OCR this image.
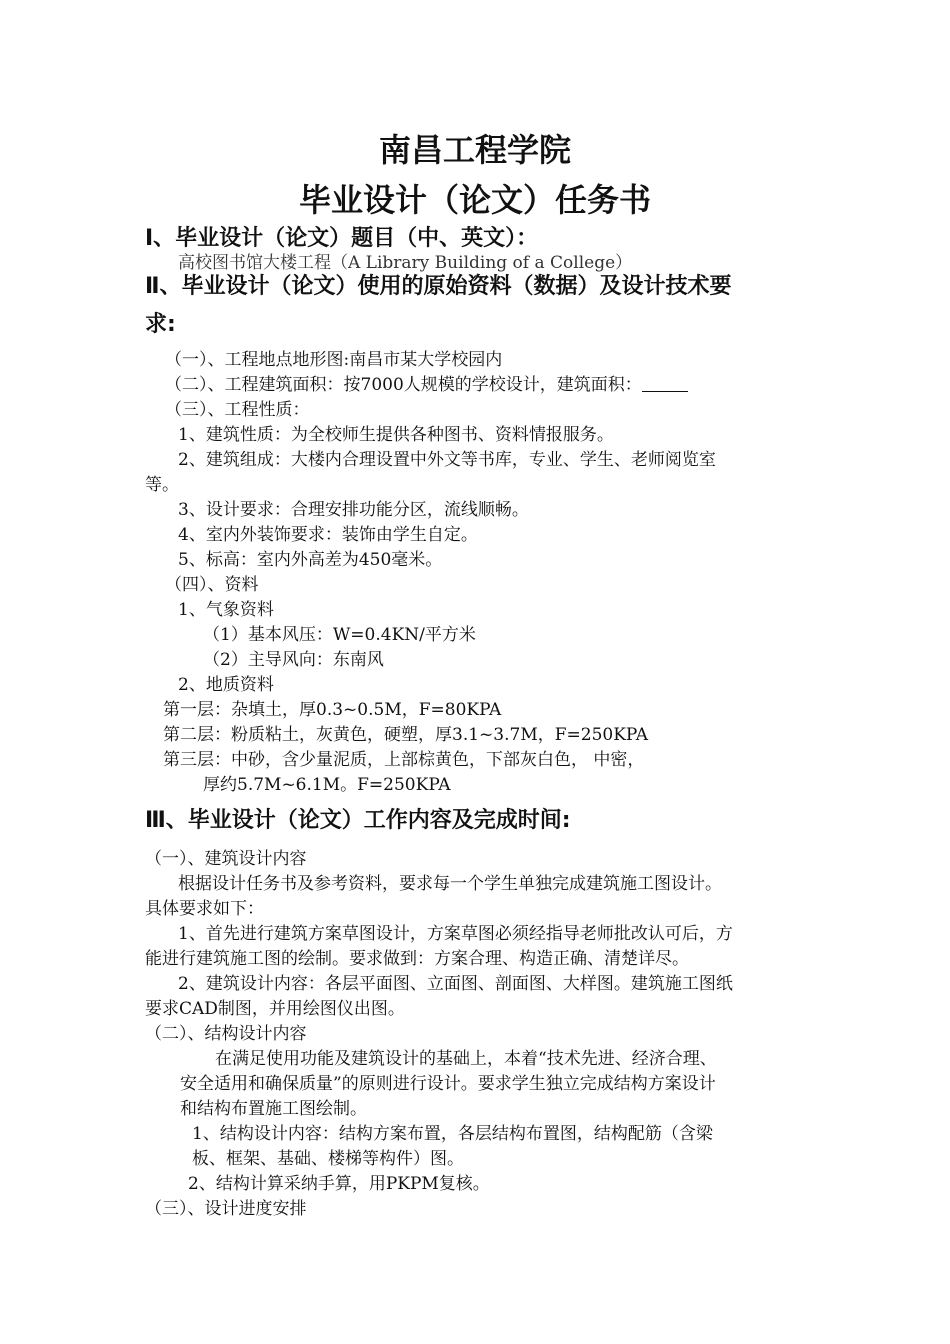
南昌工程学院
毕业设计（论文）任务书
Ⅰ、毕业设计（论文）题目（中、英文）：
高校图书馆大楼工程（A Library Building of a College）
Ⅱ、毕业设计（论文）使用的原始资料（数据）及设计技术要
求:
（一）、工程地点地形图:南昌市某大学校园内
（二）、工程建筑面积：按7000人规模的学校设计，建筑面积：
（三）、工程性质：
1、建筑性质：为全校师生提供各种图书、资料情报服务。
2、建筑组成：大楼内合理设置中外文等书库，专业、学生、老师阅览室
等。
3、设计要求：合理安排功能分区，流线顺畅。
4、室内外装饰要求：装饰由学生自定。
5、标高：室内外高差为450毫米。
（四）、资料
1、气象资料
（1）基本风压：W=0.4KN/平方米
（2）主导风向：东南风
2、地质资料
第一层：杂填土，厚0.3~0.5M，F=80KPA
第二层：粉质粘土，灰黄色，硬塑，厚3.1~3.7M，F=250KPA
第三层：中砂，含少量泥质，上部棕黄色，下部灰白色， 中密，
厚约5.7M~6.1M。F=250KPA
Ⅲ、毕业设计（论文）工作内容及完成时间:
（一）、建筑设计内容
根据设计任务书及参考资料，要求每一个学生单独完成建筑施工图设计。
具体要求如下：
1、首先进行建筑方案草图设计，方案草图必须经指导老师批改认可后，方
能进行建筑施工图的绘制。要求做到：方案合理、构造正确、清楚详尽。
2、建筑设计内容：各层平面图、立面图、剖面图、大样图。建筑施工图纸
要求CAD制图，并用绘图仪出图。
（二）、结构设计内容
在满足使用功能及建筑设计的基础上，本着“技术先进、经济合理、
安全适用和确保质量”的原则进行设计。要求学生独立完成结构方案设计
和结构布置施工图绘制。
1、结构设计内容：结构方案布置，各层结构布置图，结构配筋（含梁
板、框架、基础、楼梯等构件）图。
2、结构计算采纳手算，用PKPM复核。
（三）、设计进度安排
